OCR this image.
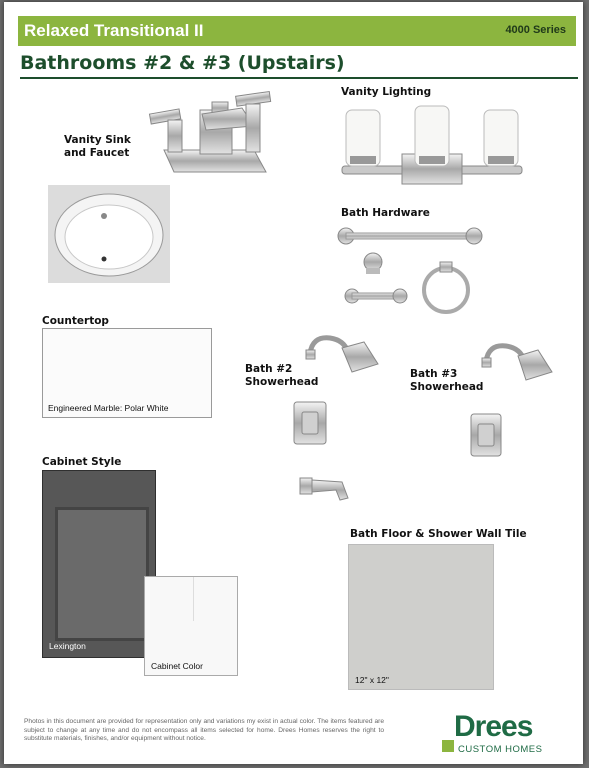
Relaxed Transitional II	4000 Series
Bathrooms #2 & #3 (Upstairs)
Vanity Sink
and Faucet
Vanity Lighting
Bath Hardware
Countertop
Engineered Marble: Polar White
Bath #2
Showerhead
Bath #3
Showerhead
Cabinet Style
Lexington
Cabinet Color
Bath Floor & Shower Wall Tile
12" x 12"
Photos in this document are provided for representation only and variations my exist in actual color. The items featured are subject to change at any time and do not encompass all items selected for home. Drees Homes reserves the right to substitute materials, finishes, and/or equipment without notice.	Drees
CUSTOM HOMES
